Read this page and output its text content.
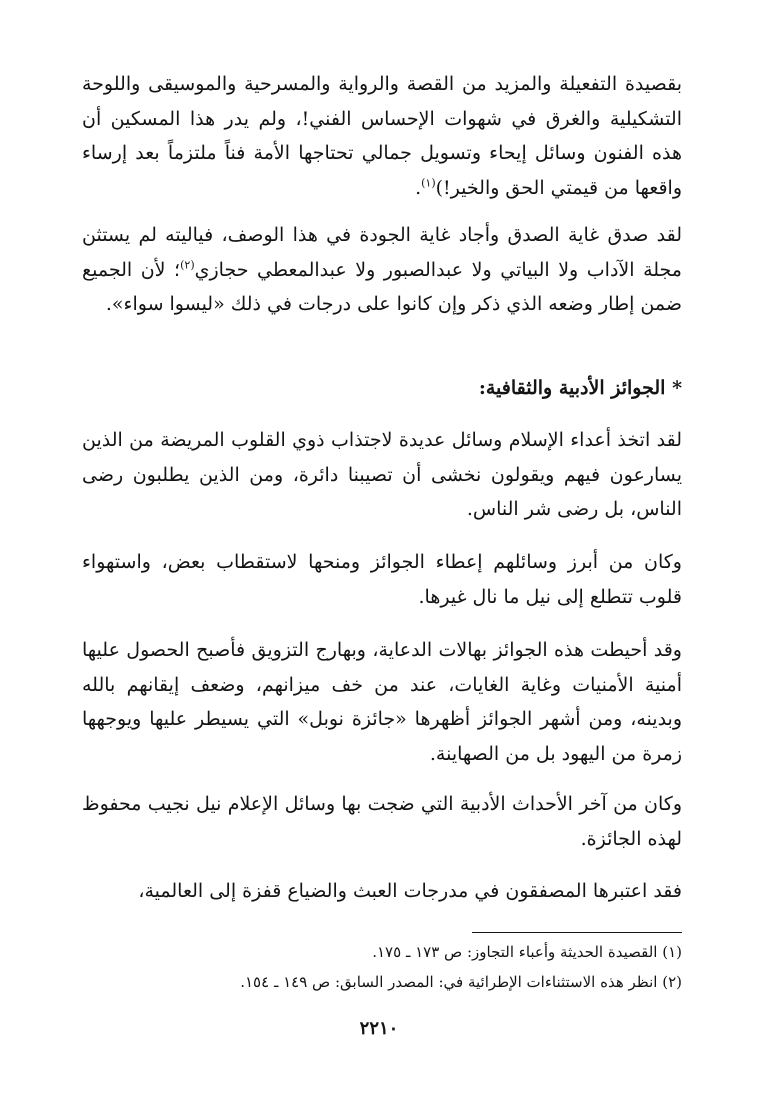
بقصيدة التفعيلة والمزيد من القصة والرواية والمسرحية والموسيقى واللوحة التشكيلية والغرق في شهوات الإحساس الفني!، ولم يدر هذا المسكين أن هذه الفنون وسائل إيحاء وتسويل جمالي تحتاجها الأمة فناً ملتزماً بعد إرساء واقعها من قيمتي الحق والخير!)$^{(١)}$.

لقد صدق غاية الصدق وأجاد غاية الجودة في هذا الوصف، فياليته لم يستثن مجلة الآداب ولا البياتي ولا عبدالصبور ولا عبدالمعطي حجازي$^{(٢)}$؛ لأن الجميع ضمن إطار وضعه الذي ذكر وإن كانوا على درجات في ذلك «ليسوا سواء».

* الجوائز الأدبية والثقافية:

لقد اتخذ أعداء الإسلام وسائل عديدة لاجتذاب ذوي القلوب المريضة من الذين يسارعون فيهم ويقولون نخشى أن تصيبنا دائرة، ومن الذين يطلبون رضى الناس، بل رضى شر الناس.

وكان من أبرز وسائلهم إعطاء الجوائز ومنحها لاستقطاب بعض، واستهواء قلوب تتطلع إلى نيل ما نال غيرها.

وقد أحيطت هذه الجوائز بهالات الدعاية، وبهارج التزويق فأصبح الحصول عليها أمنية الأمنيات وغاية الغايات، عند من خف ميزانهم، وضعف إيقانهم بالله وبدينه، ومن أشهر الجوائز أظهرها «جائزة نوبل» التي يسيطر عليها ويوجهها زمرة من اليهود بل من الصهاينة.

وكان من آخر الأحداث الأدبية التي ضجت بها وسائل الإعلام نيل نجيب محفوظ لهذه الجائزة.

فقد اعتبرها المصفقون في مدرجات العبث والضياع قفزة إلى العالمية،

(١) القصيدة الحديثة وأعباء التجاوز: ص ١٧٣ ـ ١٧٥.

(٢) انظر هذه الاستثناءات الإطرائية في: المصدر السابق: ص ١٤٩ ـ ١٥٤.

٢٢١٠
